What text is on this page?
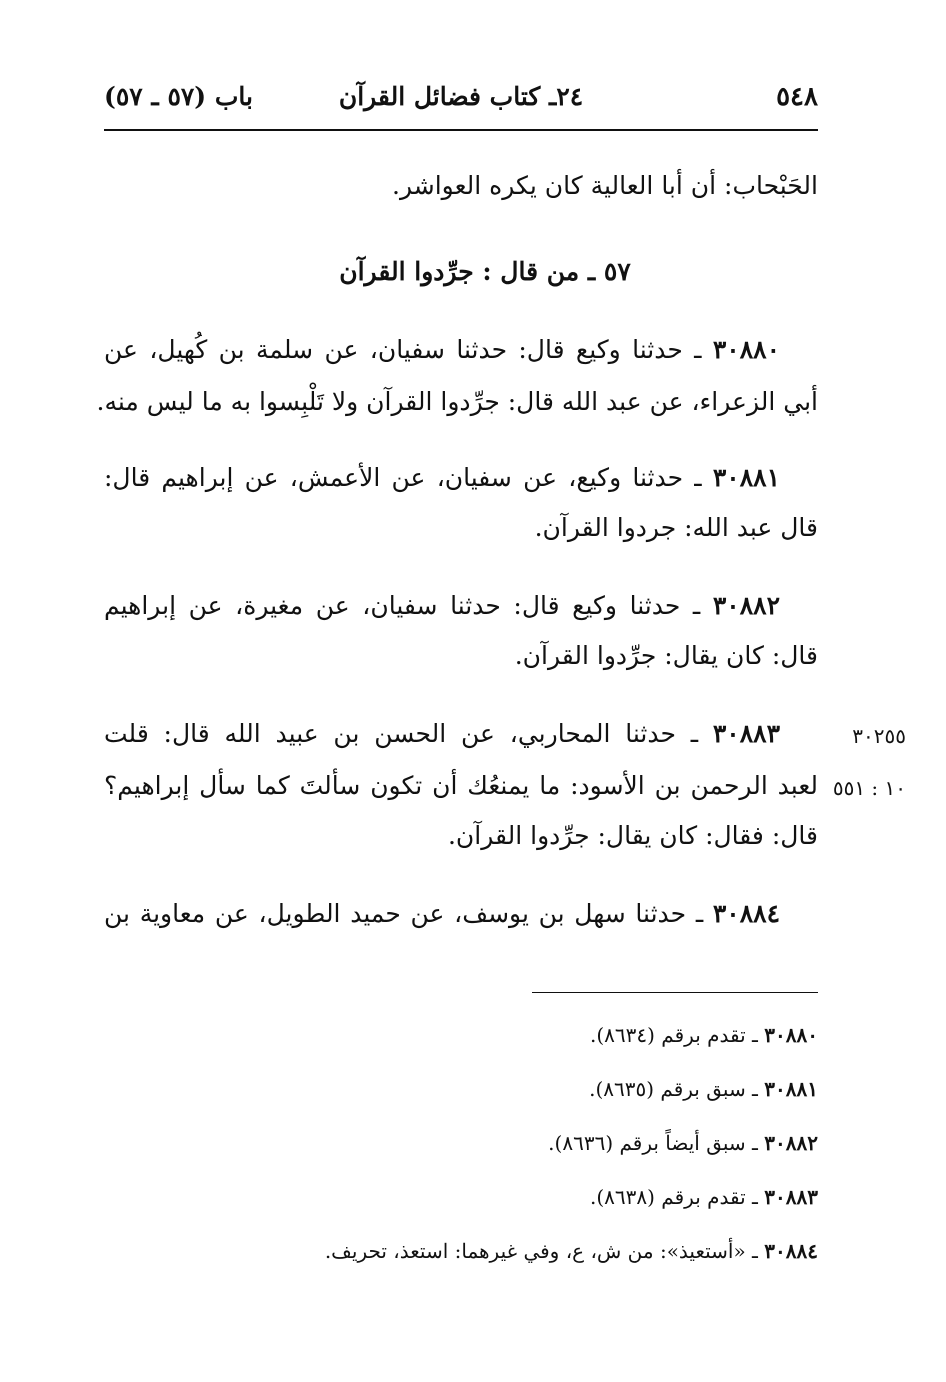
٥٤٨
٢٤ـ كتاب فضائل القرآن
باب (٥٧ ـ ٥٧)
الحَبْحاب: أن أبا العالية كان يكره العواشر.
٥٧ ـ من قال : جرِّدوا القرآن
٣٠٨٨٠ ـ حدثنا وكيع قال: حدثنا سفيان، عن سلمة بن كُهيل، عن
أبي الزعراء، عن عبد الله قال: جرِّدوا القرآن ولا تَلْبِسوا به ما ليس منه.
٣٠٨٨١ ـ حدثنا وكيع، عن سفيان، عن الأعمش، عن إبراهيم قال:
قال عبد الله: جردوا القرآن.
٣٠٨٨٢ ـ حدثنا وكيع قال: حدثنا سفيان، عن مغيرة، عن إبراهيم
قال: كان يقال: جرِّدوا القرآن.
٣٠٢٥٥
١٠ : ٥٥١
٣٠٨٨٣ ـ حدثنا المحاربي، عن الحسن بن عبيد الله قال: قلت
لعبد الرحمن بن الأسود: ما يمنعُك أن تكون سألتَ كما سأل إبراهيم؟
قال: فقال: كان يقال: جرِّدوا القرآن.
٣٠٨٨٤ ـ حدثنا سهل بن يوسف، عن حميد الطويل، عن معاوية بن
٣٠٨٨٠ ـ تقدم برقم (٨٦٣٤).
٣٠٨٨١ ـ سبق برقم (٨٦٣٥).
٣٠٨٨٢ ـ سبق أيضاً برقم (٨٦٣٦).
٣٠٨٨٣ ـ تقدم برقم (٨٦٣٨).
٣٠٨٨٤ ـ «أستعيذ»: من ش، ع، وفي غيرهما: استعذ، تحريف.
